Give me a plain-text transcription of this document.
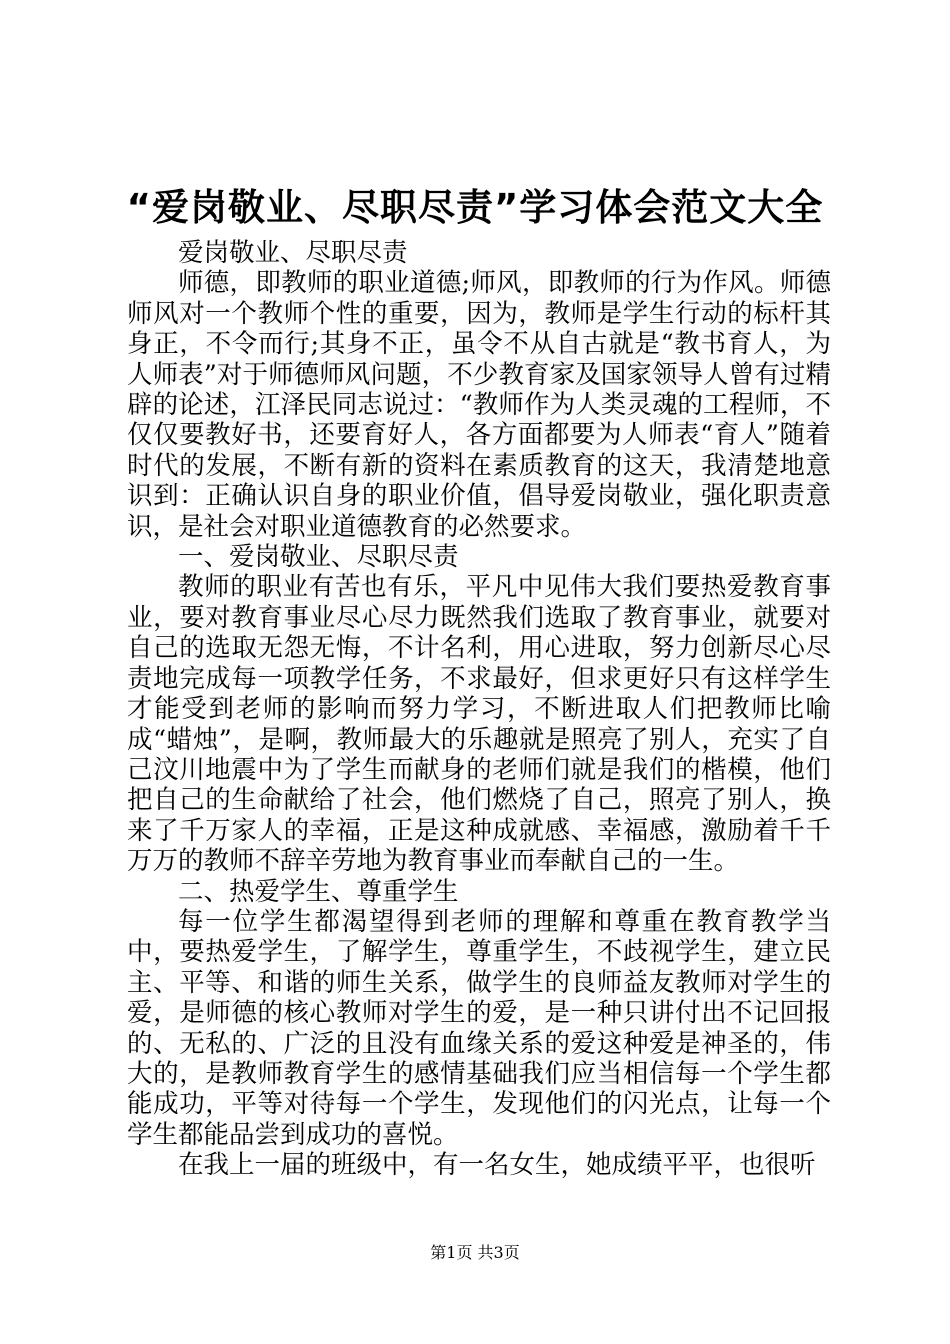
“爱岗敬业、尽职尽责”学习体会范文大全

爱岗敬业、尽职尽责

师德，即教师的职业道德;师风，即教师的行为作风。师德师风对一个教师个性的重要，因为，教师是学生行动的标杆其身正，不令而行;其身不正，虽令不从自古就是“教书育人，为人师表”对于师德师风问题，不少教育家及国家领导人曾有过精辟的论述，江泽民同志说过：“教师作为人类灵魂的工程师，不仅仅要教好书，还要育好人，各方面都要为人师表“育人”随着时代的发展，不断有新的资料在素质教育的这天，我清楚地意识到：正确认识自身的职业价值，倡导爱岗敬业，强化职责意识，是社会对职业道德教育的必然要求。

一、爱岗敬业、尽职尽责

教师的职业有苦也有乐，平凡中见伟大我们要热爱教育事业，要对教育事业尽心尽力既然我们选取了教育事业，就要对自己的选取无怨无悔，不计名利，用心进取，努力创新尽心尽责地完成每一项教学任务，不求最好，但求更好只有这样学生才能受到老师的影响而努力学习，不断进取人们把教师比喻成“蜡烛”，是啊，教师最大的乐趣就是照亮了别人，充实了自己汶川地震中为了学生而献身的老师们就是我们的楷模，他们把自己的生命献给了社会，他们燃烧了自己，照亮了别人，换来了千万家人的幸福，正是这种成就感、幸福感，激励着千千万万的教师不辞辛劳地为教育事业而奉献自己的一生。

二、热爱学生、尊重学生

每一位学生都渴望得到老师的理解和尊重在教育教学当中，要热爱学生，了解学生，尊重学生，不歧视学生，建立民主、平等、和谐的师生关系，做学生的良师益友教师对学生的爱，是师德的核心教师对学生的爱，是一种只讲付出不记回报的、无私的、广泛的且没有血缘关系的爱这种爱是神圣的，伟大的，是教师教育学生的感情基础我们应当相信每一个学生都能成功，平等对待每一个学生，发现他们的闪光点，让每一个学生都能品尝到成功的喜悦。

在我上一届的班级中，有一名女生，她成绩平平，也很听

第1页 共3页
